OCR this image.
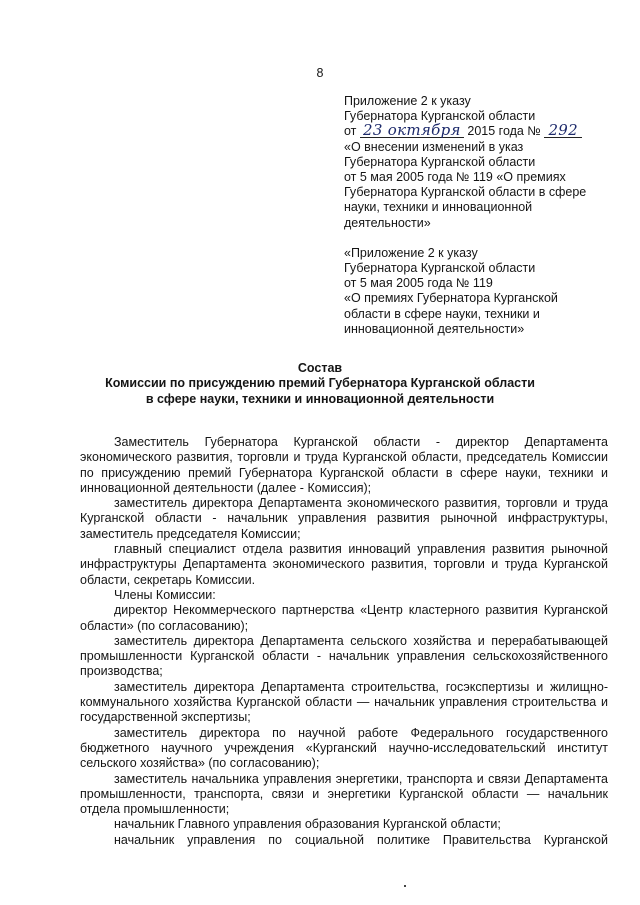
8
Приложение 2 к указу
Губернатора Курганской области
от 23 октября 2015 года № 292
«О внесении изменений в указ
Губернатора Курганской области
от 5 мая 2005 года № 119 «О премиях
Губернатора Курганской области в сфере
науки, техники и инновационной
деятельности»
«Приложение 2 к указу
Губернатора Курганской области
от 5 мая 2005 года № 119
«О премиях Губернатора Курганской
области в сфере науки, техники и
инновационной деятельности»
Состав
Комиссии по присуждению премий Губернатора Курганской области
в сфере науки, техники и инновационной деятельности

Заместитель Губернатора Курганской области - директор Департамента экономического развития, торговли и труда Курганской области, председатель Комиссии по присуждению премий Губернатора Курганской области в сфере науки, техники и инновационной деятельности (далее - Комиссия);

заместитель директора Департамента экономического развития, торговли и труда Курганской области - начальник управления развития рыночной инфраструктуры, заместитель председателя Комиссии;

главный специалист отдела развития инноваций управления развития рыночной инфраструктуры Департамента экономического развития, торговли и труда Курганской области, секретарь Комиссии.

Члены Комиссии:

директор Некоммерческого партнерства «Центр кластерного развития Курганской области» (по согласованию);

заместитель директора Департамента сельского хозяйства и перерабатывающей промышленности Курганской области - начальник управления сельскохозяйственного производства;

заместитель директора Департамента строительства, госэкспертизы и жилищно-коммунального хозяйства Курганской области — начальник управления строительства и государственной экспертизы;

заместитель директора по научной работе Федерального государственного бюджетного научного учреждения «Курганский научно-исследовательский институт сельского хозяйства» (по согласованию);

заместитель начальника управления энергетики, транспорта и связи Департамента промышленности, транспорта, связи и энергетики Курганской области — начальник отдела промышленности;

начальник Главного управления образования Курганской области;

начальник управления по социальной политике Правительства Курганской
